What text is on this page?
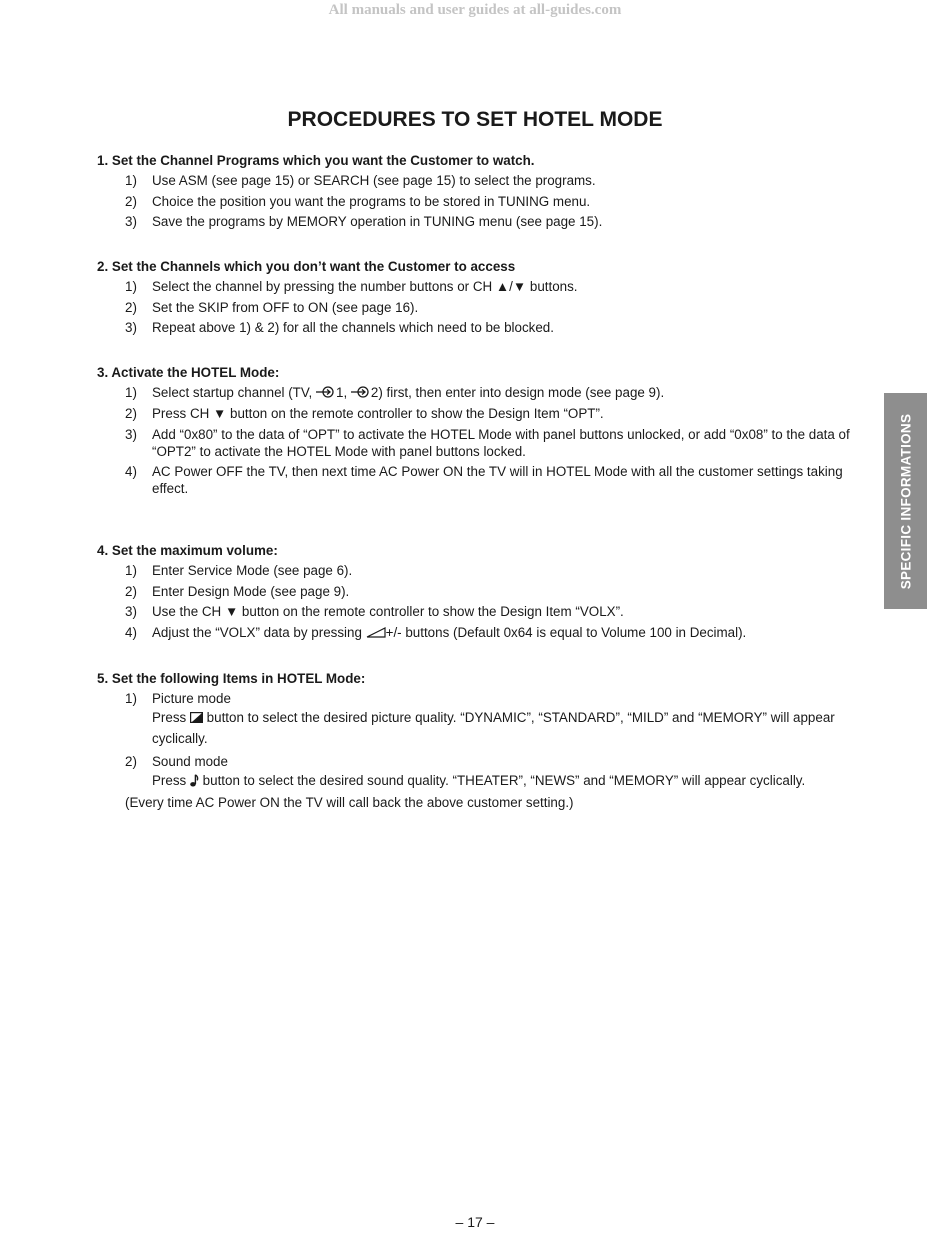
All manuals and user guides at all-guides.com
PROCEDURES TO SET HOTEL MODE
1. Set the Channel Programs which you want the Customer to watch.
1) Use ASM (see page 15) or SEARCH (see page 15) to select the programs.
2) Choice the position you want the programs to be stored in TUNING menu.
3) Save the programs by MEMORY operation in TUNING menu (see page 15).
2. Set the Channels which you don’t want the Customer to access
1) Select the channel by pressing the number buttons or CH ▲/▼ buttons.
2) Set the SKIP from OFF to ON (see page 16).
3) Repeat above 1) & 2) for all the channels which need to be blocked.
3. Activate the HOTEL Mode:
1) Select startup channel (TV, 1, 2) first, then enter into design mode (see page 9).
2) Press CH ▼ button on the remote controller to show the Design Item “OPT”.
3) Add “0x80” to the data of “OPT” to activate the HOTEL Mode with panel buttons unlocked, or add “0x08” to the data of “OPT2” to activate the HOTEL Mode with panel buttons locked.
4) AC Power OFF the TV, then next time AC Power ON the TV will in HOTEL Mode with all the customer settings taking effect.
4. Set the maximum volume:
1) Enter Service Mode (see page 6).
2) Enter Design Mode (see page 9).
3) Use the CH ▼ button on the remote controller to show the Design Item “VOLX”.
4) Adjust the “VOLX” data by pressing +/- buttons (Default 0x64 is equal to Volume 100 in Decimal).
5. Set the following Items in HOTEL Mode:
1) Picture mode
Press  button to select the desired picture quality. “DYNAMIC”, “STANDARD”, “MILD” and “MEMORY” will appear cyclically.
2) Sound mode
Press  button to select the desired sound quality. “THEATER”, “NEWS” and “MEMORY” will appear cyclically.
(Every time AC Power ON the TV will call back the above customer setting.)
SPECIFIC INFORMATIONS
– 17 –
